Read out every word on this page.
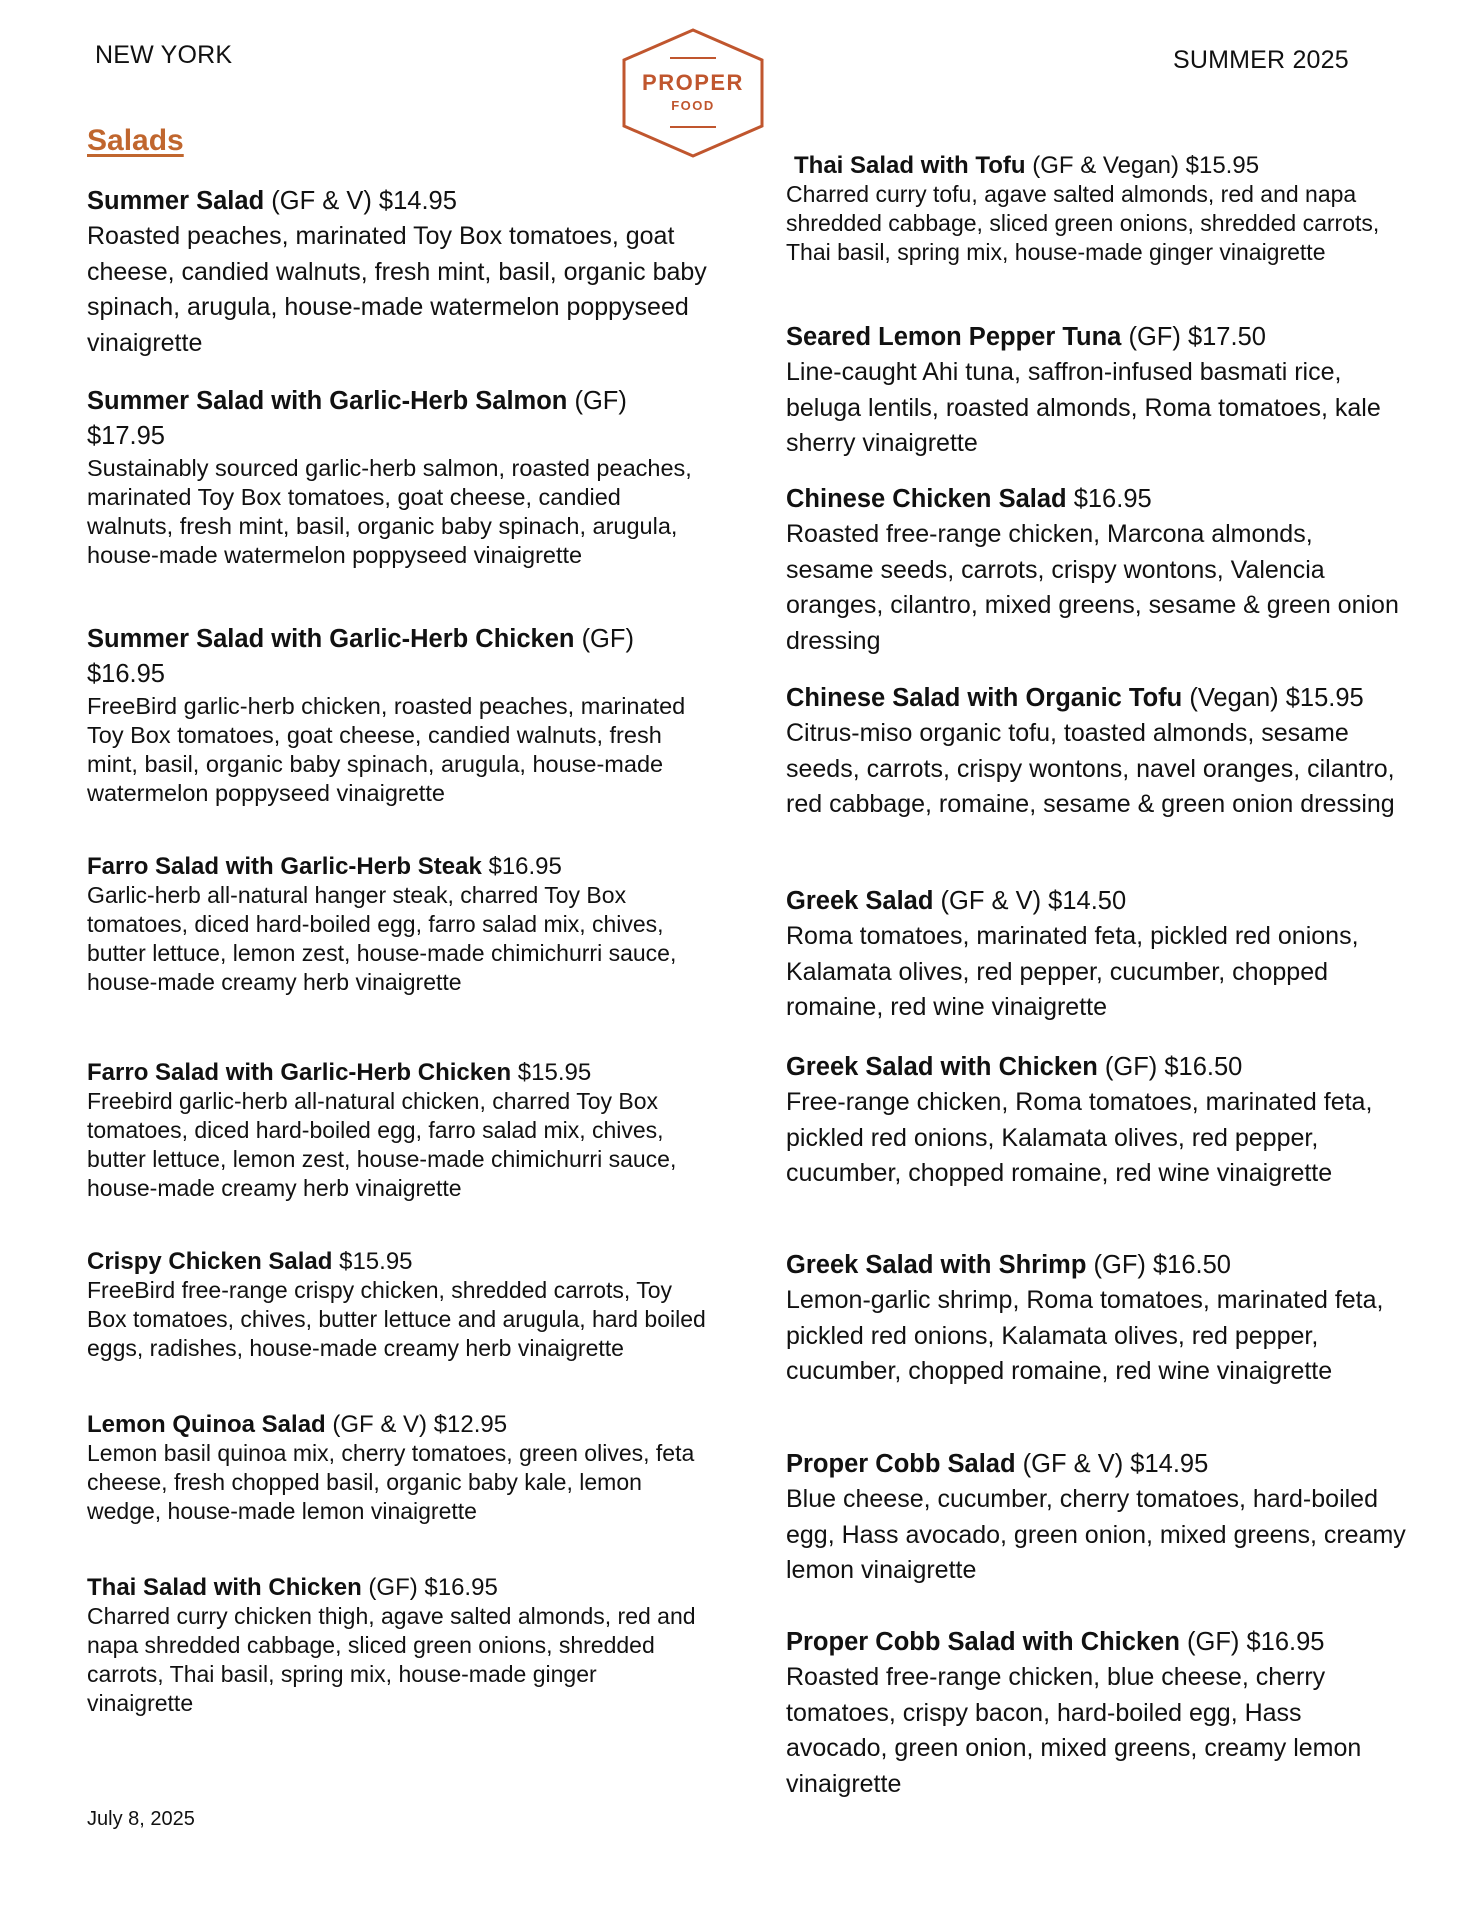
NEW YORK
PROPER
FOOD
SUMMER 2025
Salads
Summer Salad (GF & V) $14.95
Roasted peaches, marinated Toy Box tomatoes, goat cheese, candied walnuts, fresh mint, basil, organic baby spinach, arugula, house-made watermelon poppyseed vinaigrette
Summer Salad with Garlic-Herb Salmon (GF) $17.95
Sustainably sourced garlic-herb salmon, roasted peaches, marinated Toy Box tomatoes, goat cheese, candied walnuts, fresh mint, basil, organic baby spinach, arugula, house-made watermelon poppyseed vinaigrette
Summer Salad with Garlic-Herb Chicken (GF) $16.95
FreeBird garlic-herb chicken, roasted peaches, marinated Toy Box tomatoes, goat cheese, candied walnuts, fresh mint, basil, organic baby spinach, arugula, house-made watermelon poppyseed vinaigrette
Farro Salad with Garlic-Herb Steak $16.95
Garlic-herb all-natural hanger steak, charred Toy Box tomatoes, diced hard-boiled egg, farro salad mix, chives, butter lettuce, lemon zest, house-made chimichurri sauce, house-made creamy herb vinaigrette
Farro Salad with Garlic-Herb Chicken $15.95
Freebird garlic-herb all-natural chicken, charred Toy Box tomatoes, diced hard-boiled egg, farro salad mix, chives, butter lettuce, lemon zest, house-made chimichurri sauce, house-made creamy herb vinaigrette
Crispy Chicken Salad $15.95
FreeBird free-range crispy chicken, shredded carrots, Toy Box tomatoes, chives, butter lettuce and arugula, hard boiled eggs, radishes, house-made creamy herb vinaigrette
Lemon Quinoa Salad (GF & V) $12.95
Lemon basil quinoa mix, cherry tomatoes, green olives, feta cheese, fresh chopped basil, organic baby kale, lemon wedge, house-made lemon vinaigrette
Thai Salad with Chicken (GF) $16.95
Charred curry chicken thigh, agave salted almonds, red and napa shredded cabbage, sliced green onions, shredded carrots, Thai basil, spring mix, house-made ginger vinaigrette
Thai Salad with Tofu (GF & Vegan) $15.95
Charred curry tofu, agave salted almonds, red and napa shredded cabbage, sliced green onions, shredded carrots, Thai basil, spring mix, house-made ginger vinaigrette
Seared Lemon Pepper Tuna (GF) $17.50
Line-caught Ahi tuna, saffron-infused basmati rice, beluga lentils, roasted almonds, Roma tomatoes, kale sherry vinaigrette
Chinese Chicken Salad $16.95
Roasted free-range chicken, Marcona almonds, sesame seeds, carrots, crispy wontons, Valencia oranges, cilantro, mixed greens, sesame & green onion dressing
Chinese Salad with Organic Tofu (Vegan) $15.95
Citrus-miso organic tofu, toasted almonds, sesame seeds, carrots, crispy wontons, navel oranges, cilantro, red cabbage, romaine, sesame & green onion dressing
Greek Salad (GF & V) $14.50
Roma tomatoes, marinated feta, pickled red onions, Kalamata olives, red pepper, cucumber, chopped romaine, red wine vinaigrette
Greek Salad with Chicken (GF) $16.50
Free-range chicken, Roma tomatoes, marinated feta, pickled red onions, Kalamata olives, red pepper, cucumber, chopped romaine, red wine vinaigrette
Greek Salad with Shrimp (GF) $16.50
Lemon-garlic shrimp, Roma tomatoes, marinated feta, pickled red onions, Kalamata olives, red pepper, cucumber, chopped romaine, red wine vinaigrette
Proper Cobb Salad (GF & V) $14.95
Blue cheese, cucumber, cherry tomatoes, hard-boiled egg, Hass avocado, green onion, mixed greens, creamy lemon vinaigrette
Proper Cobb Salad with Chicken (GF) $16.95
Roasted free-range chicken, blue cheese, cherry tomatoes, crispy bacon, hard-boiled egg, Hass avocado, green onion, mixed greens, creamy lemon vinaigrette
July 8, 2025
